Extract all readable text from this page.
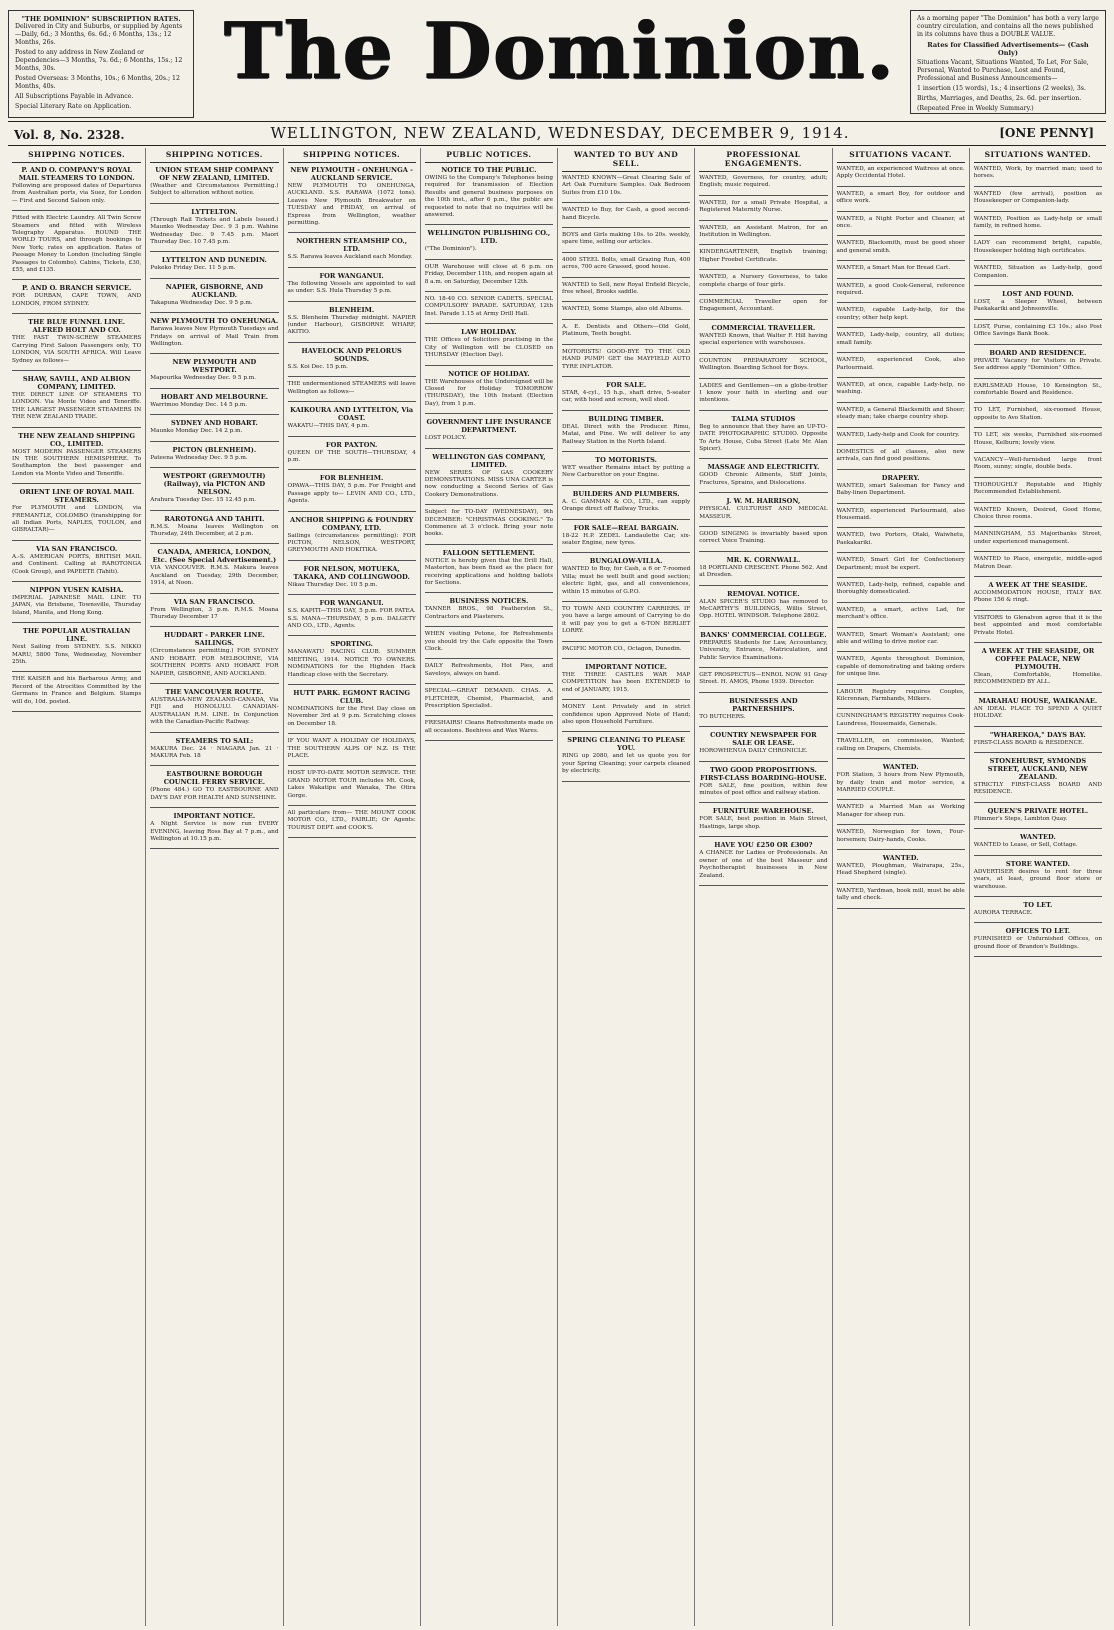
"THE DOMINION" SUBSCRIPTION RATES.

Delivered in City and Suburbs, or supplied by Agents—Daily, 6d.; 3 Months, 6s. 6d.; 6 Months, 13s.; 12 Months, 26s.

Posted to any address in New Zealand or Dependencies—3 Months, 7s. 6d.; 6 Months, 15s.; 12 Months, 30s.

Posted Overseas: 3 Months, 10s.; 6 Months, 20s.; 12 Months, 40s.

All Subscriptions Payable in Advance.

Special Literary Rate on Application.

The Dominion.	As a morning paper "The Dominion" has both a very large country circulation, and contains all the news published in its columns have thus a DOUBLE VALUE.

Rates for Classified Advertisements— (Cash Only)

Situations Vacant, Situations Wanted, To Let, For Sale, Personal, Wanted to Purchase, Lost and Found, Professional and Business Announcements—

1 insertion (15 words), 1s.; 4 insertions (2 weeks), 3s.

Births, Marriages, and Deaths, 2s. 6d. per insertion.

(Repeated Free in Weekly Summary.)

Vol. 8, No. 2328.	WELLINGTON, NEW ZEALAND, WEDNESDAY, DECEMBER 9, 1914.	[ONE PENNY]
SHIPPING NOTICES.
P. AND O. COMPANY'S ROYAL MAIL STEAMERS TO LONDON.
Following are proposed dates of Departures from Australian ports, via Suez, for London— First and Second Saloon only.
Fitted with Electric Laundry. All Twin Screw Steamers and fitted with Wireless Telegraphy Apparatus. ROUND THE WORLD TOURS, and through bookings to New York; rates on application. Rates of Passage Money to London (including Single Passages to Colombo). Cabins, Tickets, £30, £55, and £135.
P. AND O. BRANCH SERVICE.
FOR DURBAN, CAPE TOWN, AND LONDON, FROM SYDNEY.
THE BLUE FUNNEL LINE. ALFRED HOLT AND CO.
THE FAST TWIN-SCREW STEAMERS Carrying First Saloon Passengers only, TO LONDON, VIA SOUTH AFRICA. Will Leave Sydney as follows—
SHAW, SAVILL, AND ALBION COMPANY, LIMITED.
THE DIRECT LINE OF STEAMERS TO LONDON. Via Monte Video and Teneriffe. THE LARGEST PASSENGER STEAMERS IN THE NEW ZEALAND TRADE.
THE NEW ZEALAND SHIPPING CO., LIMITED.
MOST MODERN PASSENGER STEAMERS IN THE SOUTHERN HEMISPHERE. To Southampton the best passenger and London via Monte Video and Teneriffe.
ORIENT LINE OF ROYAL MAIL STEAMERS.
For PLYMOUTH and LONDON, via FREMANTLE, COLOMBO (transhipping for all Indian Ports, NAPLES, TOULON, and GIBRALTAR)—
VIA SAN FRANCISCO.
A.-S. AMERICAN PORTS, BRITISH MAIL and Continent. Calling at RAROTONGA (Cook Group), and PAPEETE (Tahiti).
NIPPON YUSEN KAISHA.
IMPERIAL JAPANESE MAIL LINE TO JAPAN, via Brisbane, Townsville, Thursday Island, Manila, and Hong Kong.
THE POPULAR AUSTRALIAN LINE.
Next Sailing from SYDNEY. S.S. NIKKO MARU, 5800 Tons, Wednesday, November 25th.
THE KAISER and his Barbarous Army, and Record of the Atrocities Committed by the Germans in France and Belgium. Stamps will do, 10d. posted.
SHIPPING NOTICES.
UNION STEAM SHIP COMPANY OF NEW ZEALAND, LIMITED.
(Weather and Circumstances Permitting.) Subject to alteration without notice.
LYTTELTON.
(Through Rail Tickets and Labels Issued.) Maunko Wednesday Dec. 9 3 p.m. Wahine Wednesday Dec. 9 7.45 p.m. Maori Thursday Dec. 10 7.45 p.m.
LYTTELTON AND DUNEDIN.
Pukeko Friday Dec. 11 5 p.m.
NAPIER, GISBORNE, AND AUCKLAND.
Takapuna Wednesday Dec. 9 5 p.m.
NEW PLYMOUTH TO ONEHUNGA.
Rarawa leaves New Plymouth Tuesdays and Fridays on arrival of Mail Train from Wellington.
NEW PLYMOUTH AND WESTPORT.
Mapourika Wednesday Dec. 9 5 p.m.
HOBART AND MELBOURNE.
Warrimoo Monday Dec. 14 5 p.m.
SYDNEY AND HOBART.
Maunko Monday Dec. 14 2 p.m.
PICTON (BLENHEIM).
Pateena Wednesday Dec. 9 5 p.m.
WESTPORT (GREYMOUTH) (Railway), via PICTON AND NELSON.
Arahura Tuesday Dec. 15 12.45 p.m.
RAROTONGA AND TAHITI.
R.M.S. Moana leaves Wellington on Thursday, 24th December, at 2 p.m.
CANADA, AMERICA, LONDON, Etc. (See Special Advertisement.)
VIA VANCOUVER. R.M.S. Makura leaves Auckland on Tuesday, 29th December, 1914, at Noon.
VIA SAN FRANCISCO.
From Wellington, 3 p.m. R.M.S. Moana Thursday December 17
HUDDART - PARKER LINE. SAILINGS.
(Circumstances permitting.) FOR SYDNEY AND HOBART. FOR MELBOURNE, VIA SOUTHERN PORTS AND HOBART. FOR NAPIER, GISBORNE, AND AUCKLAND.
THE VANCOUVER ROUTE.
AUSTRALIA-NEW ZEALAND-CANADA, Via FIJI and HONOLULU. CANADIAN-AUSTRALIAN R.M. LINE. In Conjunction with the Canadian-Pacific Railway.
STEAMERS TO SAIL:
MAKURA Dec. 24 · NIAGARA Jan. 21 · MAKURA Feb. 18
EASTBOURNE BOROUGH COUNCIL FERRY SERVICE.
(Phone 484.) GO TO EASTBOURNE AND DAY'S DAY FOR HEALTH AND SUNSHINE.
IMPORTANT NOTICE.
A Night Service is now run EVERY EVENING, leaving Ross Bay at 7 p.m., and Wellington at 10.15 p.m.
SHIPPING NOTICES.
NEW PLYMOUTH - ONEHUNGA - AUCKLAND SERVICE.
NEW PLYMOUTH TO ONEHUNGA, AUCKLAND. S.S. RARAWA (1072 tons). Leaves New Plymouth Breakwater on TUESDAY and FRIDAY, on arrival of Express from Wellington, weather permitting.
NORTHERN STEAMSHIP CO., LTD.
S.S. Rarawa leaves Auckland each Monday.
FOR WANGANUI.
The following Vessels are appointed to sail as under: S.S. Hula Thursday 5 p.m.
BLENHEIM.
S.S. Blenheim Thursday midnight. NAPIER (under Harbour), GISBORNE WHARF, AKITIO.
HAVELOCK AND PELORUS SOUNDS.
S.S. Koi Dec. 15 p.m.
THE undermentioned STEAMERS will leave Wellington as follows—
KAIKOURA AND LYTTELTON, Via COAST.
WAKATU—THIS DAY, 4 p.m.
FOR PAXTON.
QUEEN OF THE SOUTH—THURSDAY, 4 p.m.
FOR BLENHEIM.
OPAWA—THIS DAY, 5 p.m. For Freight and Passage apply to— LEVIN AND CO., LTD., Agents.
ANCHOR SHIPPING & FOUNDRY COMPANY, LTD.
Sailings (circumstances permitting): FOR PICTON, NELSON, WESTPORT, GREYMOUTH AND HOKITIKA.
FOR NELSON, MOTUEKA, TAKAKA, AND COLLINGWOOD.
Nikau Thursday Dec. 10 5 p.m.
FOR WANGANUI.
S.S. KAPITI—THIS DAY, 5 p.m. FOR PATEA. S.S. MANA—THURSDAY, 5 p.m. DALGETY AND CO., LTD., Agents.
SPORTING.
MANAWATU RACING CLUB. SUMMER MEETING, 1914. NOTICE TO OWNERS. NOMINATIONS for the Highden Hack Handicap close with the Secretary.
HUTT PARK. EGMONT RACING CLUB.
NOMINATIONS for the First Day close on November 3rd at 9 p.m. Scratching closes on December 18.
IF YOU WANT A HOLIDAY OF HOLIDAYS, THE SOUTHERN ALPS OF N.Z. IS THE PLACE.
HOST UP-TO-DATE MOTOR SERVICE. THE GRAND MOTOR TOUR includes Mt. Cook, Lakes Wakatipu and Wanaka, The Otira Gorge.
All particulars from— THE MOUNT COOK MOTOR CO., LTD., FAIRLIE; Or Agents: TOURIST DEPT. and COOK'S.
PUBLIC NOTICES.
NOTICE TO THE PUBLIC.
OWING to the Company's Telephones being required for transmission of Election Results and general business purposes on the 10th inst., after 6 p.m., the public are requested to note that no inquiries will be answered.
WELLINGTON PUBLISHING CO., LTD.
("The Dominion").
OUR Warehouse will close at 6 p.m. on Friday, December 11th, and reopen again at 8 a.m. on Saturday, December 12th.
NO. 18-40 CO. SENIOR CADETS. SPECIAL COMPULSORY PARADE. SATURDAY, 12th Inst. Parade 1.15 at Army Drill Hall.
LAW HOLIDAY.
THE Offices of Solicitors practising in the City of Wellington will be CLOSED on THURSDAY (Election Day).
NOTICE OF HOLIDAY.
THE Warehouses of the Undersigned will be Closed for Holiday TOMORROW (THURSDAY), the 10th Instant (Election Day), from 1 p.m.
GOVERNMENT LIFE INSURANCE DEPARTMENT.
LOST POLICY.
WELLINGTON GAS COMPANY, LIMITED.
NEW SERIES OF GAS COOKERY DEMONSTRATIONS. MISS UNA CARTER is now conducting a Second Series of Gas Cookery Demonstrations.
Subject for TO-DAY (WEDNESDAY), 9th DECEMBER: "CHRISTMAS COOKING." To Commence at 3 o'clock. Bring your note books.
FALLOON SETTLEMENT.
NOTICE is hereby given that the Drill Hall, Masterton, has been fixed as the place for receiving applications and holding ballots for Sections.
BUSINESS NOTICES.
TANNER BROS., 98 Featherston St., Contractors and Plasterers.
WHEN visiting Petone, for Refreshments you should try the Cafe opposite the Town Clock.
DAILY Refreshments, Hot Pies, and Saveloys, always on hand.
SPECIAL—GREAT DEMAND. CHAS. A. FLETCHER, Chemist, Pharmacist, and Prescription Specialist.
FRESHAIRS! Cleans Refreshments made on all occasions. Beehives and Wax Wares.
WANTED TO BUY AND SELL.
WANTED KNOWN—Great Clearing Sale of Art Oak Furniture Samples. Oak Bedroom Suites from £10 10s.
WANTED to Buy, for Cash, a good second-hand Bicycle.
BOYS and Girls making 10s. to 20s. weekly, spare time, selling our articles.
4000 STEEL Bolts, small Grazing Run, 400 acres, 700 acre Grassed, good house.
WANTED to Sell, new Royal Enfield Bicycle, free wheel, Brooks saddle.
WANTED, Some Stamps, also old Albums.
A. E. Dentists and Others—Old Gold, Platinum, Teeth bought.
MOTORISTS! GOOD-BYE TO THE OLD HAND PUMP! GET the MAYFIELD AUTO TYRE INFLATOR.
FOR SALE.
STAR, 4-cyl., 15 h.p., shaft drive, 5-seater car, with hood and screen, well shod.
BUILDING TIMBER.
DEAL Direct with the Producer. Rimu, Matai, and Pine. We will deliver to any Railway Station in the North Island.
TO MOTORISTS.
WET weather Remains intact by putting a New Carburettor on your Engine.
BUILDERS AND PLUMBERS.
A. C. GAMMAN & CO., LTD., can supply Orange direct off Railway Trucks.
FOR SALE—REAL BARGAIN.
18-22 H.P. ZEDEL Landaulette Car, six-seater Engine, new tyres.
BUNGALOW-VILLA.
WANTED to Buy, for Cash, a 6 or 7-roomed Villa; must be well built and good section; electric light, gas, and all conveniences, within 15 minutes of G.P.O.
TO TOWN AND COUNTRY CARRIERS. IF you have a large amount of Carrying to do it will pay you to get a 6-TON BERLIET LORRY.
PACIFIC MOTOR CO., Octagon, Dunedin.
IMPORTANT NOTICE.
THE THREE CASTLES WAR MAP COMPETITION has been EXTENDED to end of JANUARY, 1915.
MONEY Lent Privately and in strict confidence upon Approved Note of Hand; also upon Household Furniture.
SPRING CLEANING TO PLEASE YOU.
RING up 2080, and let us quote you for your Spring Cleaning; your carpets cleaned by electricity.
PROFESSIONAL ENGAGEMENTS.
WANTED, Governess, for country, adult; English; music required.
WANTED, for a small Private Hospital, a Registered Maternity Nurse.
WANTED, an Assistant Matron, for an Institution in Wellington.
KINDERGARTENER, English training; Higher Froebel Certificate.
WANTED, a Nursery Governess, to take complete charge of four girls.
COMMERCIAL Traveller open for Engagement, Accountant.
COMMERCIAL TRAVELLER.
WANTED Known, that Walter F. Hill having special experience with warehouses.
COUNTON PREPARATORY SCHOOL, Wellington. Boarding School for Boys.
LADIES and Gentlemen—on a globe-trotter I know your faith in sterling and our intentions.
TALMA STUDIOS
Beg to announce that they have an UP-TO-DATE PHOTOGRAPHIC STUDIO. Opposite To Arts House, Cuba Street (Late Mr. Alan Spicer).
MASSAGE AND ELECTRICITY.
GOOD Chronic Ailments, Stiff Joints, Fractures, Sprains, and Dislocations.
J. W. M. HARRISON,
PHYSICAL CULTURIST AND MEDICAL MASSEUR.
GOOD SINGING is invariably based upon correct Voice Training.
MR. K. CORNWALL.
18 PORTLAND CRESCENT. Phone 562. And at Dresden.
REMOVAL NOTICE.
ALAN SPICER'S STUDIO has removed to McCARTHY'S BUILDINGS, Willis Street, Opp. HOTEL WINDSOR. Telephone 2802.
BANKS' COMMERCIAL COLLEGE.
PREPARES Students for Law, Accountancy, University, Entrance, Matriculation, and Public Service Examinations.
GET PROSPECTUS—ENROL NOW. 91 Gray Street. H. AMOS, Phone 1939. Director.
BUSINESSES AND PARTNERSHIPS.
TO BUTCHERS.
COUNTRY NEWSPAPER FOR SALE OR LEASE.
HOROWHENUA DAILY CHRONICLE.
TWO GOOD PROPOSITIONS. FIRST-CLASS BOARDING-HOUSE.
FOR SALE, fine position, within few minutes of post office and railway station.
FURNITURE WAREHOUSE.
FOR SALE, best position in Main Street, Hastings, large shop.
HAVE YOU £250 OR £300?
A CHANCE for Ladies or Professionals. An owner of one of the best Masseur and Psychotherapist businesses in New Zealand.
SITUATIONS VACANT.
WANTED, an experienced Waitress at once. Apply Occidental Hotel.
WANTED, a smart Boy, for outdoor and office work.
WANTED, a Night Porter and Cleaner, at once.
WANTED, Blacksmith, must be good shoer and general smith.
WANTED, a Smart Man for Bread Cart.
WANTED, a good Cook-General, reference required.
WANTED, capable Lady-help, for the country; other help kept.
WANTED, Lady-help, country, all duties; small family.
WANTED, experienced Cook, also Parlourmaid.
WANTED, at once, capable Lady-help, no washing.
WANTED, a General Blacksmith and Shoer; steady man; take charge country shop.
WANTED, Lady-help and Cook for country.
DOMESTICS of all classes, also new arrivals, can find good positions.
DRAPERY.
WANTED, smart Salesman for Fancy and Baby-linen Department.
WANTED, experienced Parlourmaid, also Housemaid.
WANTED, two Porters, Otaki, Waiwhetu, Paekakariki.
WANTED, Smart Girl for Confectionery Department; must be expert.
WANTED, Lady-help, refined, capable and thoroughly domesticated.
WANTED, a smart, active Lad, for merchant's office.
WANTED, Smart Woman's Assistant; one able and willing to drive motor car.
WANTED, Agents throughout Dominion, capable of demonstrating and taking orders for unique line.
LABOUR Registry requires Couples, Kilcrennan, Farmhands, Milkers.
CUNNINGHAM'S REGISTRY requires Cook-Laundress, Housemaids, Generals.
TRAVELLER, on commission, Wanted; calling on Drapers, Chemists.
WANTED.
FOR Station, 3 hours from New Plymouth, by daily train and motor service, a MARRIED COUPLE.
WANTED a Married Man as Working Manager for sheep run.
WANTED, Norwegian for town, Four-horsemen; Dairy-hands, Cooks.
WANTED.
WANTED, Ploughman, Wairarapa, 25s., Head Shepherd (single).
WANTED, Yardman, book mill, must be able tally and check.
SITUATIONS WANTED.
WANTED, Work, by married man; used to horses.
WANTED (few arrival), position as Housekeeper or Companion-lady.
WANTED, Position as Lady-help or small family, in refined home.
LADY can recommend bright, capable, Housekeeper holding high certificates.
WANTED, Situation as Lady-help, good Companion.
LOST AND FOUND.
LOST, a Sleeper Wheel, between Paekakariki and Johnsonville.
LOST, Purse, containing £3 10s.; also Post Office Savings Bank Book.
BOARD AND RESIDENCE.
PRIVATE Vacancy for Visitors in Private. See address apply "Dominion" Office.
EARLSMEAD House, 10 Kensington St., comfortable Board and Residence.
TO LET, Furnished, six-roomed House, opposite to Avo Station.
TO LET, six weeks, Furnished six-roomed House, Kelburn; lovely view.
VACANCY—Well-furnished large front Room, sunny; single, double beds.
THOROUGHLY Reputable and Highly Recommended Establishment.
WANTED Known, Desired, Good Home, Choice three rooms.
MANNINGHAM, 53 Majoribanks Street, under experienced management.
WANTED to Place, energetic, middle-aged Matron Dear.
A WEEK AT THE SEASIDE.
ACCOMMODATION HOUSE, ITALY BAY. Phone 156 & ringt.
VISITORS to Glenalvon agree that it is the best appointed and most comfortable Private Hotel.
A WEEK AT THE SEASIDE, OR COFFEE PALACE, NEW PLYMOUTH.
Clean, Comfortable, Homelike. RECOMMENDED BY ALL.
MARAHAU HOUSE, WAIKANAE.
AN IDEAL PLACE TO SPEND A QUIET HOLIDAY.
"WHAREKOA," DAYS BAY.
FIRST-CLASS BOARD & RESIDENCE.
STONEHURST, SYMONDS STREET, AUCKLAND, NEW ZEALAND.
STRICTLY FIRST-CLASS BOARD AND RESIDENCE.
QUEEN'S PRIVATE HOTEL.
Plimmer's Steps, Lambton Quay.
WANTED.
WANTED to Lease, or Sell, Cottage.
STORE WANTED.
ADVERTISER desires to rent for three years, at least, ground floor store or warehouse.
TO LET.
AURORA TERRACE.
OFFICES TO LET.
FURNISHED or Unfurnished Offices, on ground floor of Brandon's Buildings.
